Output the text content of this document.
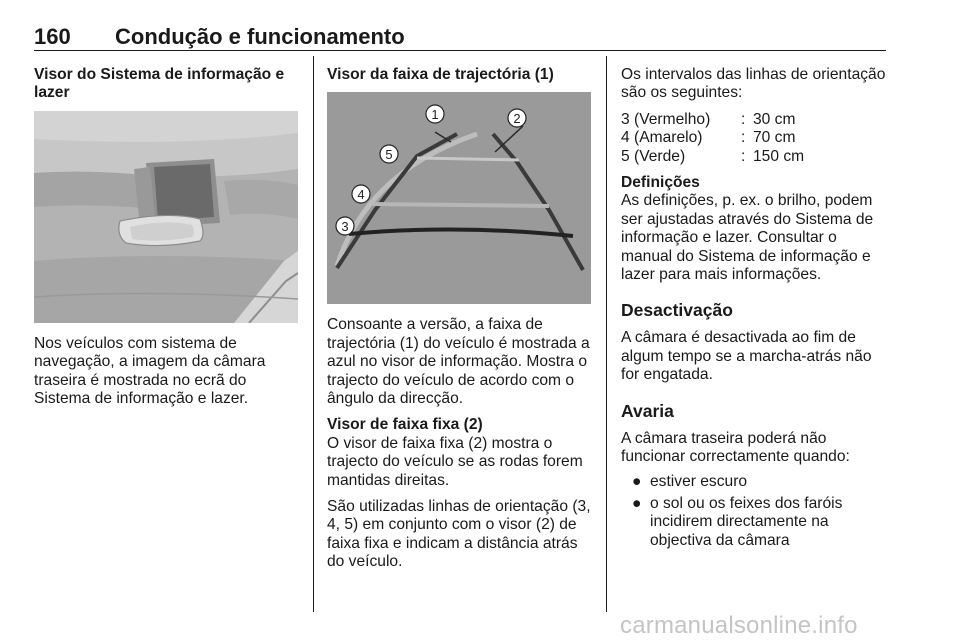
160 Condução e funcionamento

Visor do Sistema de informação e lazer

Nos veículos com sistema de navegação, a imagem da câmara traseira é mostrada no ecrã do Sistema de informação e lazer.

Visor da faixa de trajectória (1)

1	2
5
4
3

Consoante a versão, a faixa de trajectória (1) do veículo é mostrada a azul no visor de informação. Mostra o trajecto do veículo de acordo com o ângulo da direcção.

Visor de faixa fixa (2)

O visor de faixa fixa (2) mostra o trajecto do veículo se as rodas forem mantidas direitas.

São utilizadas linhas de orientação (3, 4, 5) em conjunto com o visor (2) de faixa fixa e indicam a distância atrás do veículo.

Os intervalos das linhas de orientação são os seguintes:

3 (Vermelho)	: 30 cm
4 (Amarelo)	: 70 cm
5 (Verde)	: 150 cm

Definições

As definições, p. ex. o brilho, podem ser ajustadas através do Sistema de informação e lazer. Consultar o manual do Sistema de informação e lazer para mais informações.

Desactivação

A câmara é desactivada ao fim de algum tempo se a marcha-atrás não for engatada.

Avaria

A câmara traseira poderá não funcionar correctamente quando:

● estiver escuro
● o sol ou os feixes dos faróis incidirem directamente na objectiva da câmara
carmanualsonline.info
